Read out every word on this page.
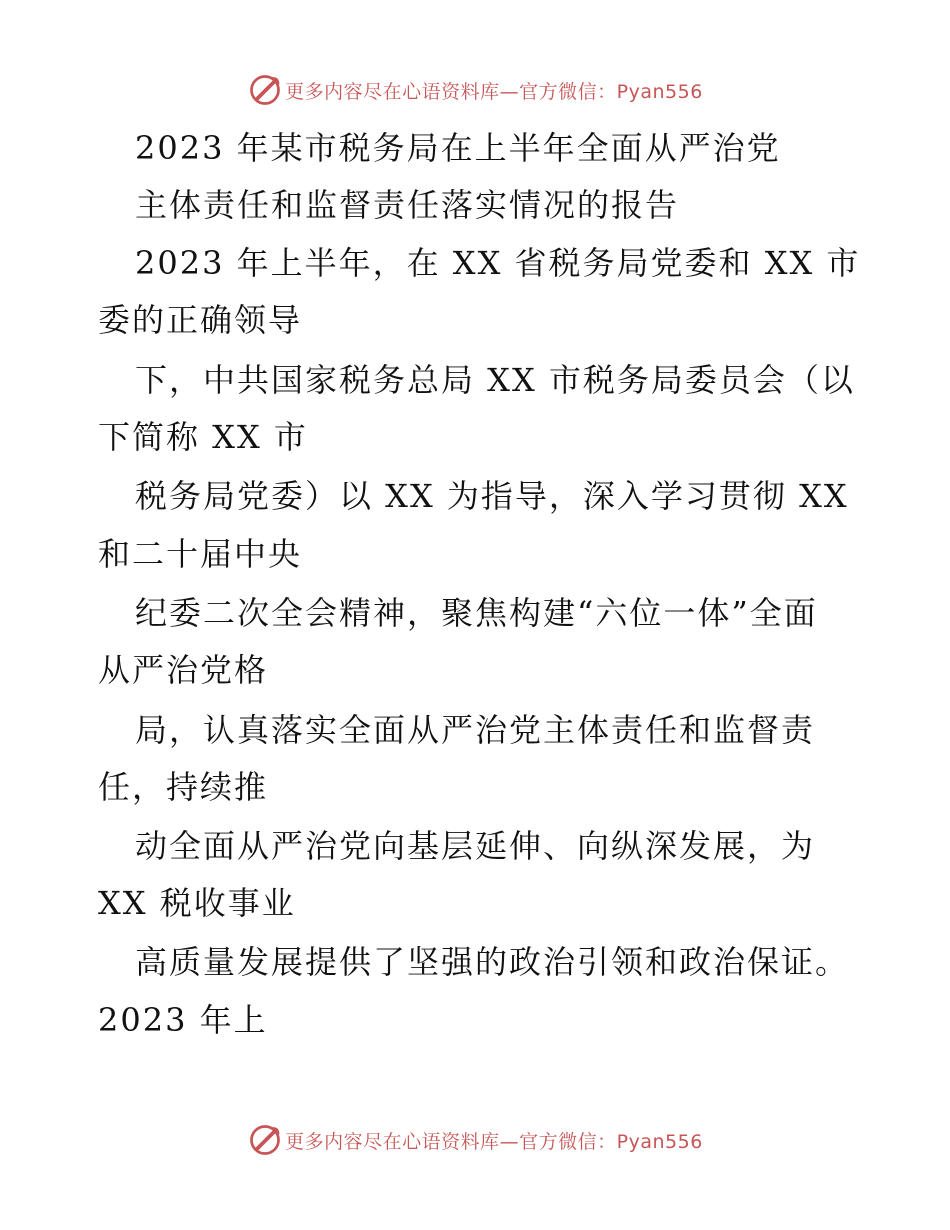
更多内容尽在心语资料库—官方微信：Pyan556
2023 年某市税务局在上半年全面从严治党
主体责任和监督责任落实情况的报告
2023 年上半年，在 XX 省税务局党委和 XX 市
委的正确领导
下，中共国家税务总局 XX 市税务局委员会（以
下简称 XX 市
税务局党委）以 XX 为指导，深入学习贯彻 XX
和二十届中央
纪委二次全会精神，聚焦构建“六位一体”全面
从严治党格
局，认真落实全面从严治党主体责任和监督责
任，持续推
动全面从严治党向基层延伸、向纵深发展，为
XX 税收事业
高质量发展提供了坚强的政治引领和政治保证。
2023 年上
更多内容尽在心语资料库—官方微信：Pyan556
